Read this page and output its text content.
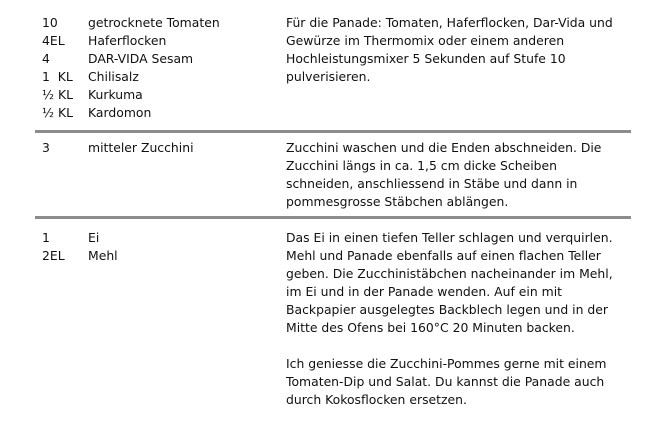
10	getrocknete Tomaten
4EL	Haferflocken
4	DAR-VIDA Sesam
1  KL	Chilisalz
½ KL	Kurkuma
½ KL	Kardomon

Für die Panade: Tomaten, Haferflocken, Dar-Vida und Gewürze im Thermomix oder einem anderen Hochleistungsmixer 5 Sekunden auf Stufe 10 pulverisieren.

3	mitteler Zucchini	Zucchini waschen und die Enden abschneiden. Die Zucchini längs in ca. 1,5 cm dicke Scheiben schneiden, anschliessend in Stäbe und dann in pommesgrosse Stäbchen ablängen.

1	Ei
2EL	Mehl

Das Ei in einen tiefen Teller schlagen und verquirlen. Mehl und Panade ebenfalls auf einen flachen Teller geben. Die Zucchinistäbchen nacheinander im Mehl, im Ei und in der Panade wenden. Auf ein mit Backpapier ausgelegtes Backblech legen und in der Mitte des Ofens bei 160°C 20 Minuten backen.

Ich geniesse die Zucchini-Pommes gerne mit einem Tomaten-Dip und Salat. Du kannst die Panade auch durch Kokosflocken ersetzen.
